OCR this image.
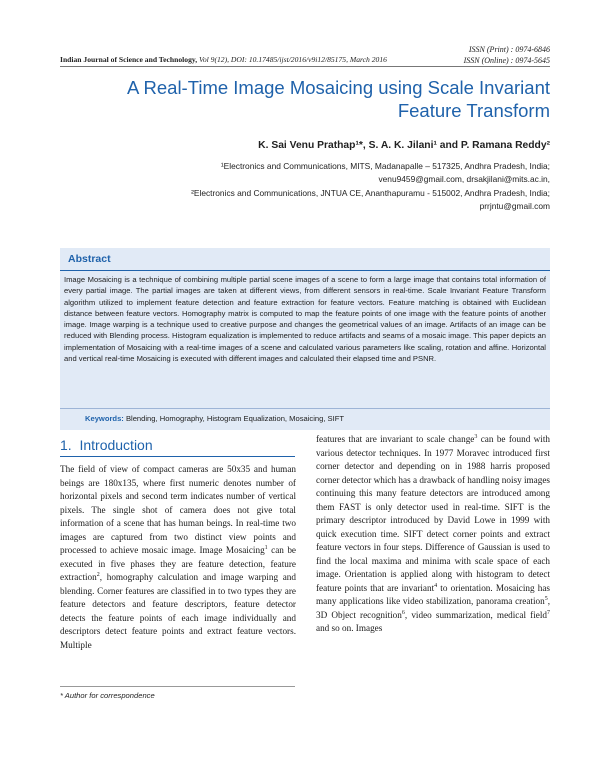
ISSN (Print) : 0974-6846
ISSN (Online) : 0974-5645
Indian Journal of Science and Technology, Vol 9(12), DOI: 10.17485/ijst/2016/v9i12/85175, March 2016
A Real-Time Image Mosaicing using Scale Invariant Feature Transform
K. Sai Venu Prathap¹*, S. A. K. Jilani¹ and P. Ramana Reddy²
¹Electronics and Communications, MITS, Madanapalle – 517325, Andhra Pradesh, India;
venu9459@gmail.com, drsakjilani@mits.ac.in,
²Electronics and Communications, JNTUA CE, Ananthapuramu - 515002, Andhra Pradesh, India;
prrjntu@gmail.com
Abstract

Image Mosaicing is a technique of combining multiple partial scene images of a scene to form a large image that contains total information of every partial image. The partial images are taken at different views, from different sensors in real-time. Scale Invariant Feature Transform algorithm utilized to implement feature detection and feature extraction for feature vectors. Feature matching is obtained with Euclidean distance between feature vectors. Homography matrix is computed to map the feature points of one image with the feature points of another image. Image warping is a technique used to creative purpose and changes the geometrical values of an image. Artifacts of an image can be reduced with Blending process. Histogram equalization is implemented to reduce artifacts and seams of a mosaic image. This paper depicts an implementation of Mosaicing with a real-time images of a scene and calculated various parameters like scaling, rotation and affine. Horizontal and vertical real-time Mosaicing is executed with different images and calculated their elapsed time and PSNR.

Keywords: Blending, Homography, Histogram Equalization, Mosaicing, SIFT
1. Introduction

The field of view of compact cameras are 50x35 and human beings are 180x135, where first numeric denotes number of horizontal pixels and second term indicates number of vertical pixels. The single shot of camera does not give total information of a scene that has human beings. In real-time two images are captured from two distinct view points and processed to achieve mosaic image. Image Mosaicing$^1$ can be executed in five phases they are feature detection, feature extraction$^2$, homography calculation and image warping and blending. Corner features are classified in to two types they are feature detectors and feature descriptors, feature detector detects the feature points of each image individually and descriptors detect feature points and extract feature vectors. Multiple

features that are invariant to scale change$^3$ can be found with various detector techniques. In 1977 Moravec introduced first corner detector and depending on in 1988 harris proposed corner detector which has a drawback of handling noisy images continuing this many feature detectors are introduced among them FAST is only detector used in real-time. SIFT is the primary descriptor introduced by David Lowe in 1999 with quick execution time. SIFT detect corner points and extract feature vectors in four steps. Difference of Gaussian is used to find the local maxima and minima with scale space of each image. Orientation is applied along with histogram to detect feature points that are invariant$^4$ to orientation. Mosaicing has many applications like video stabilization, panorama creation$^5$, 3D Object recognition$^6$, video summarization, medical field$^7$ and so on. Images

* Author for correspondence
